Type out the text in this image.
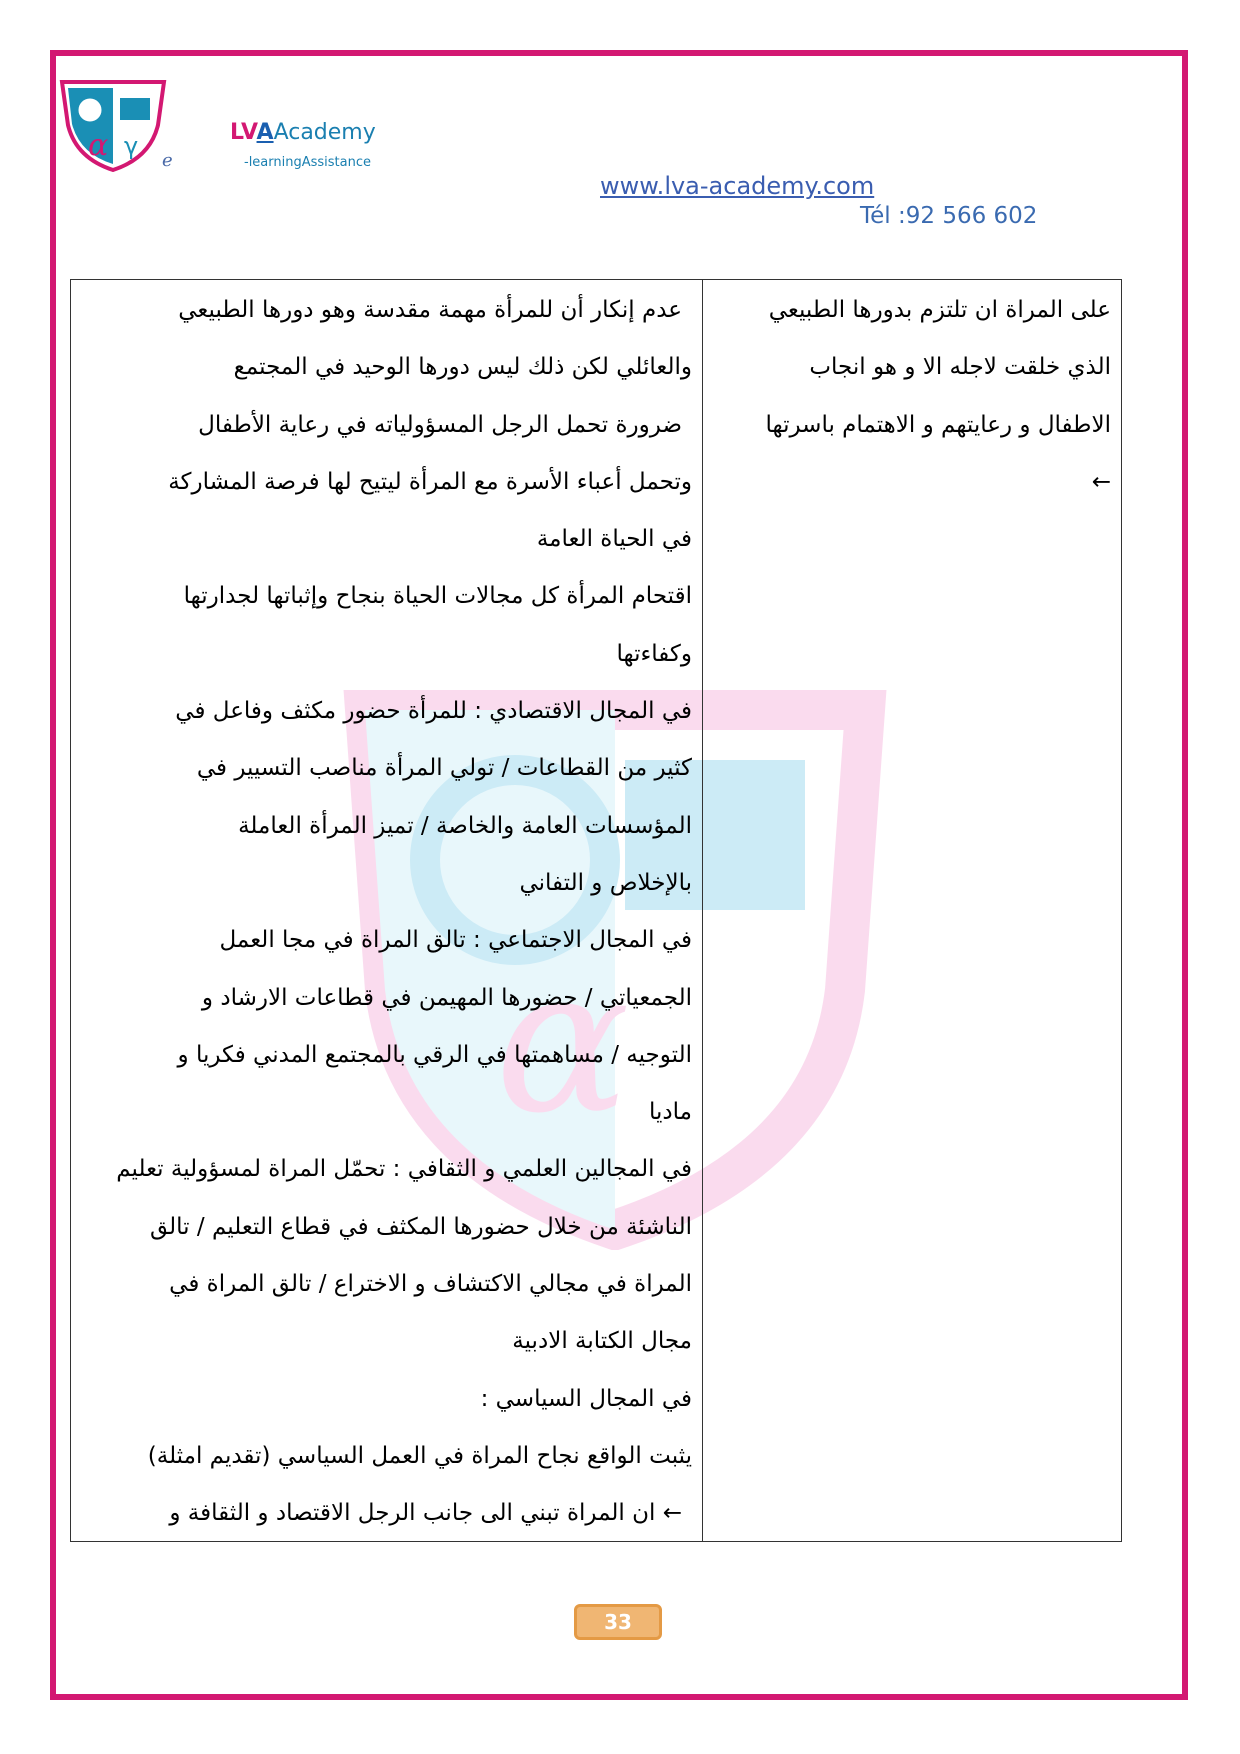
α
α γ
e
LVAAcademy
-learningAssistance
www.lva-academy.com
Tél :92 566 602
عدم إنكار أن للمرأة مهمة مقدسة وهو دورها الطبيعي
والعائلي لكن ذلك ليس دورها الوحيد في المجتمع
ضرورة تحمل الرجل المسؤولياته في رعاية الأطفال
وتحمل أعباء الأسرة مع المرأة ليتيح لها فرصة المشاركة
في الحياة العامة
اقتحام المرأة كل مجالات الحياة بنجاح وإثباتها لجدارتها
وكفاءتها
في المجال الاقتصادي : للمرأة حضور مكثف وفاعل في
كثير من القطاعات / تولي المرأة مناصب التسيير في
المؤسسات العامة والخاصة / تميز المرأة العاملة
بالإخلاص و التفاني
في المجال الاجتماعي : تالق المراة في مجا العمل
الجمعياتي / حضورها المهيمن في قطاعات الارشاد و
التوجيه / مساهمتها في الرقي بالمجتمع المدني فكريا و
ماديا
في المجالين العلمي و الثقافي : تحمّل المراة لمسؤولية تعليم
الناشئة من خلال حضورها المكثف في قطاع التعليم / تالق
المراة في مجالي الاكتشاف و الاختراع / تالق المراة في
مجال الكتابة الادبية
في المجال السياسي :
يثبت الواقع نجاح المراة في العمل السياسي (تقديم امثلة)
← ان المراة تبني الى جانب الرجل الاقتصاد و الثقافة و
على المراة ان تلتزم بدورها الطبيعي
الذي خلقت لاجله الا و هو انجاب
الاطفال و رعايتهم و الاهتمام باسرتها
←
33
